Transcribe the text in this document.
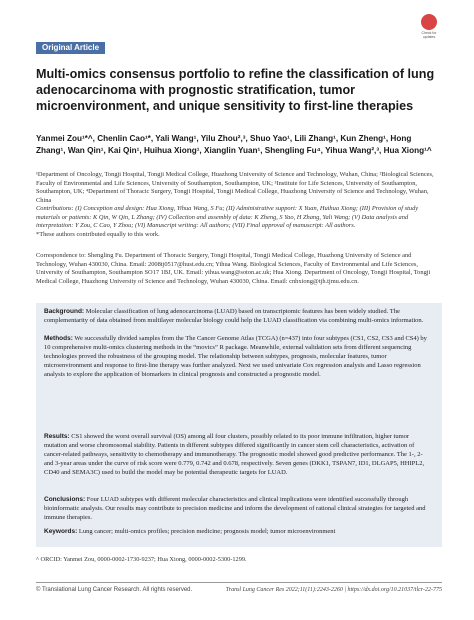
Check for updates
Original Article
Multi-omics consensus portfolio to refine the classification of lung adenocarcinoma with prognostic stratification, tumor microenvironment, and unique sensitivity to first-line therapies
Yanmei Zou¹*^, Chenlin Cao¹*, Yali Wang¹, Yilu Zhou²,³, Shuo Yao¹, Lili Zhang¹, Kun Zheng¹, Hong Zhang¹, Wan Qin¹, Kai Qin¹, Huihua Xiong¹, Xianglin Yuan¹, Shengling Fu⁴, Yihua Wang²,³, Hua Xiong¹^
¹Department of Oncology, Tongji Hospital, Tongji Medical College, Huazhong University of Science and Technology, Wuhan, China; ²Biological Sciences, Faculty of Environmental and Life Sciences, University of Southampton, Southampton, UK; ³Institute for Life Sciences, University of Southampton, Southampton, UK; ⁴Department of Thoracic Surgery, Tongji Hospital, Tongji Medical College, Huazhong University of Science and Technology, Wuhan, China
Contributions: (I) Conception and design: Hua Xiong, Yihua Wang, S Fu; (II) Administrative support: X Yuan, Huihua Xiong; (III) Provision of study materials or patients: K Qin, W Qin, L Zhang; (IV) Collection and assembly of data: K Zheng, S Yao, H Zhang, Yali Wang; (V) Data analysis and interpretation: Y Zou, C Cao, Y Zhou; (VI) Manuscript writing: All authors; (VII) Final approval of manuscript: All authors.
*These authors contributed equally to this work.
Correspondence to: Shengling Fu. Department of Thoracic Surgery, Tongji Hospital, Tongji Medical College, Huazhong University of Science and Technology, Wuhan 430030, China. Email: 2008tj0517@hust.edu.cn; Yihua Wang. Biological Sciences, Faculty of Environmental and Life Sciences, University of Southampton, Southampton SO17 1BJ, UK. Email: yihua.wang@soton.ac.uk; Hua Xiong. Department of Oncology, Tongji Hospital, Tongji Medical College, Huazhong University of Science and Technology, Wuhan 430030, China. Email: cnhxiong@tjh.tjmu.edu.cn.

Background: Molecular classification of lung adenocarcinoma (LUAD) based on transcriptomic features has been widely studied. The complementarity of data obtained from multilayer molecular biology could help the LUAD classification via combining multi-omics information.

Methods: We successfully divided samples from the The Cancer Genome Atlas (TCGA) (n=437) into four subtypes (CS1, CS2, CS3 and CS4) by 10 comprehensive multi-omics clustering methods in the “movics” R package. Meanwhile, external validation sets from different sequencing technologies proved the robustness of the grouping model. The relationship between subtypes, prognosis, molecular features, tumor microenvironment and response to first-line therapy was further analyzed. Next we used univariate Cox regression analysis and Lasso regression analysis to explore the application of biomarkers in clinical prognosis and constructed a prognostic model.

Results: CS1 showed the worst overall survival (OS) among all four clusters, possibly related to its poor immune infiltration, higher tumor mutation and worse chromosomal stability. Patients in different subtypes differed significantly in cancer stem cell characteristics, activation of cancer-related pathways, sensitivity to chemotherapy and immunotherapy. The prognostic model showed good predictive performance. The 1-, 2- and 3-year areas under the curve of risk score were 0.779, 0.742 and 0.678, respectively. Seven genes (DKK1, TSPAN7, ID1, DLGAP5, HHIPL2, CD40 and SEMA3C) used to build the model may be potential therapeutic targets for LUAD.

Conclusions: Four LUAD subtypes with different molecular characteristics and clinical implications were identified successfully through bioinformatic analysis. Our results may contribute to precision medicine and inform the development of rational clinical strategies for targeted and immune therapies.

Keywords: Lung cancer; multi-omics profiles; precision medicine; prognosis model; tumor microenvironment

^ ORCID: Yanmei Zou, 0000-0002-1730-9237; Hua Xiong, 0000-0002-5300-1299.
© Translational Lung Cancer Research. All rights reserved.	Transl Lung Cancer Res 2022;11(11):2243-2260 | https://dx.doi.org/10.21037/tlcr-22-775
